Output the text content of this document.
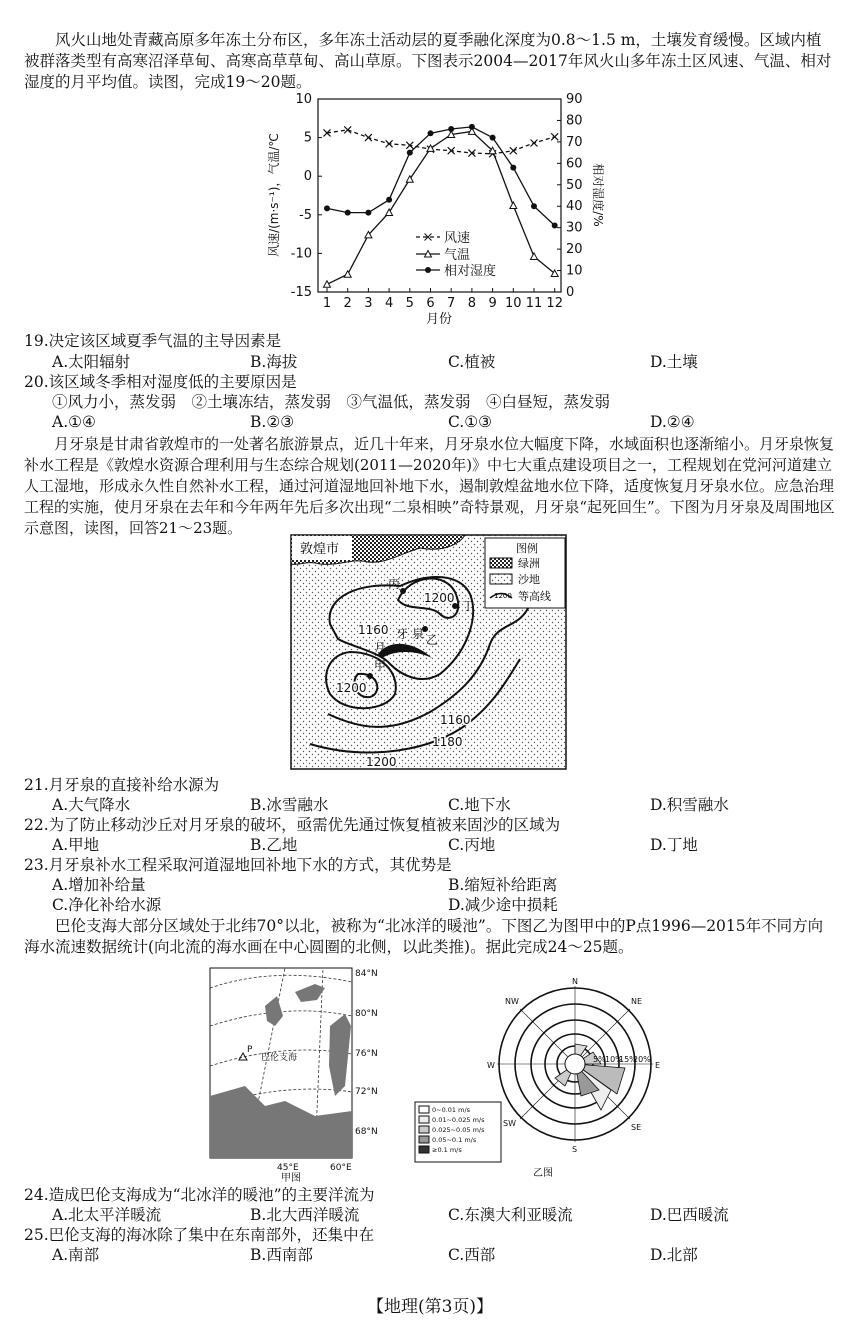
风火山地处青藏高原多年冻土分布区，多年冻土活动层的夏季融化深度为0.8～1.5 m，土壤发育缓慢。区域内植被群落类型有高寒沼泽草甸、高寒高草草甸、高山草原。下图表示2004—2017年风火山多年冻土区风速、气温、相对湿度的月平均值。读图，完成19～20题。
10
5
0
-5
-10
-15
90
80
70
60
50
40
30
20
10
0
1 2 3 4 5 6 7 8 9 10 11 12
月份
风速/(m·s⁻¹)，气温/℃	相对湿度/%
风速
气温
相对湿度
19.决定该区域夏季气温的主导因素是
A.太阳辐射	B.海拔	C.植被	D.土壤
20.该区域冬季相对湿度低的主要原因是
①风力小，蒸发弱　②土壤冻结，蒸发弱　③气温低，蒸发弱　④白昼短，蒸发弱
A.①④	B.②③	C.①③	D.②④
月牙泉是甘肃省敦煌市的一处著名旅游景点，近几十年来，月牙泉水位大幅度下降，水域面积也逐渐缩小。月牙泉恢复补水工程是《敦煌水资源合理利用与生态综合规划(2011—2020年)》中七大重点建设项目之一，工程规划在党河河道建立人工湿地，形成永久性自然补水工程，通过河道湿地回补地下水，遏制敦煌盆地水位下降，适度恢复月牙泉水位。应急治理工程的实施，使月牙泉在去年和今年两年先后多次出现“二泉相映”奇特景观，月牙泉“起死回生”。下图为月牙泉及周围地区示意图，读图，回答21～23题。
敦煌市
丙
丁
乙
甲
月
牙 泉
1200
1160
1200
1160
1180
1200
图例
绿洲
沙地
1200 等高线
21.月牙泉的直接补给水源为
A.大气降水	B.冰雪融水	C.地下水	D.积雪融水
22.为了防止移动沙丘对月牙泉的破坏，亟需优先通过恢复植被来固沙的区域为
A.甲地	B.乙地	C.丙地	D.丁地
23.月牙泉补水工程采取河道湿地回补地下水的方式，其优势是
A.增加补给量	B.缩短补给距离
C.净化补给水源	D.减少途中损耗
巴伦支海大部分区域处于北纬70°以北，被称为“北冰洋的暖池”。下图乙为图甲中的P点1996—2015年不同方向海水流速数据统计(向北流的海水画在中心圆圈的北侧，以此类推)。据此完成24～25题。
84°N
80°N
76°N
72°N
68°N
45°E	60°E
巴伦支海
P
甲图
N
NE
E
SE
S
SW
W
NW
5% 10%
15%
20%
0~0.01 m/s
0.01~0.025 m/s
0.025~0.05 m/s
0.05~0.1 m/s
≥0.1 m/s
乙图
24.造成巴伦支海成为“北冰洋的暖池”的主要洋流为
A.北太平洋暖流	B.北大西洋暖流	C.东澳大利亚暖流	D.巴西暖流
25.巴伦支海的海冰除了集中在东南部外，还集中在
A.南部	B.西南部	C.西部	D.北部
【地理(第3页)】
